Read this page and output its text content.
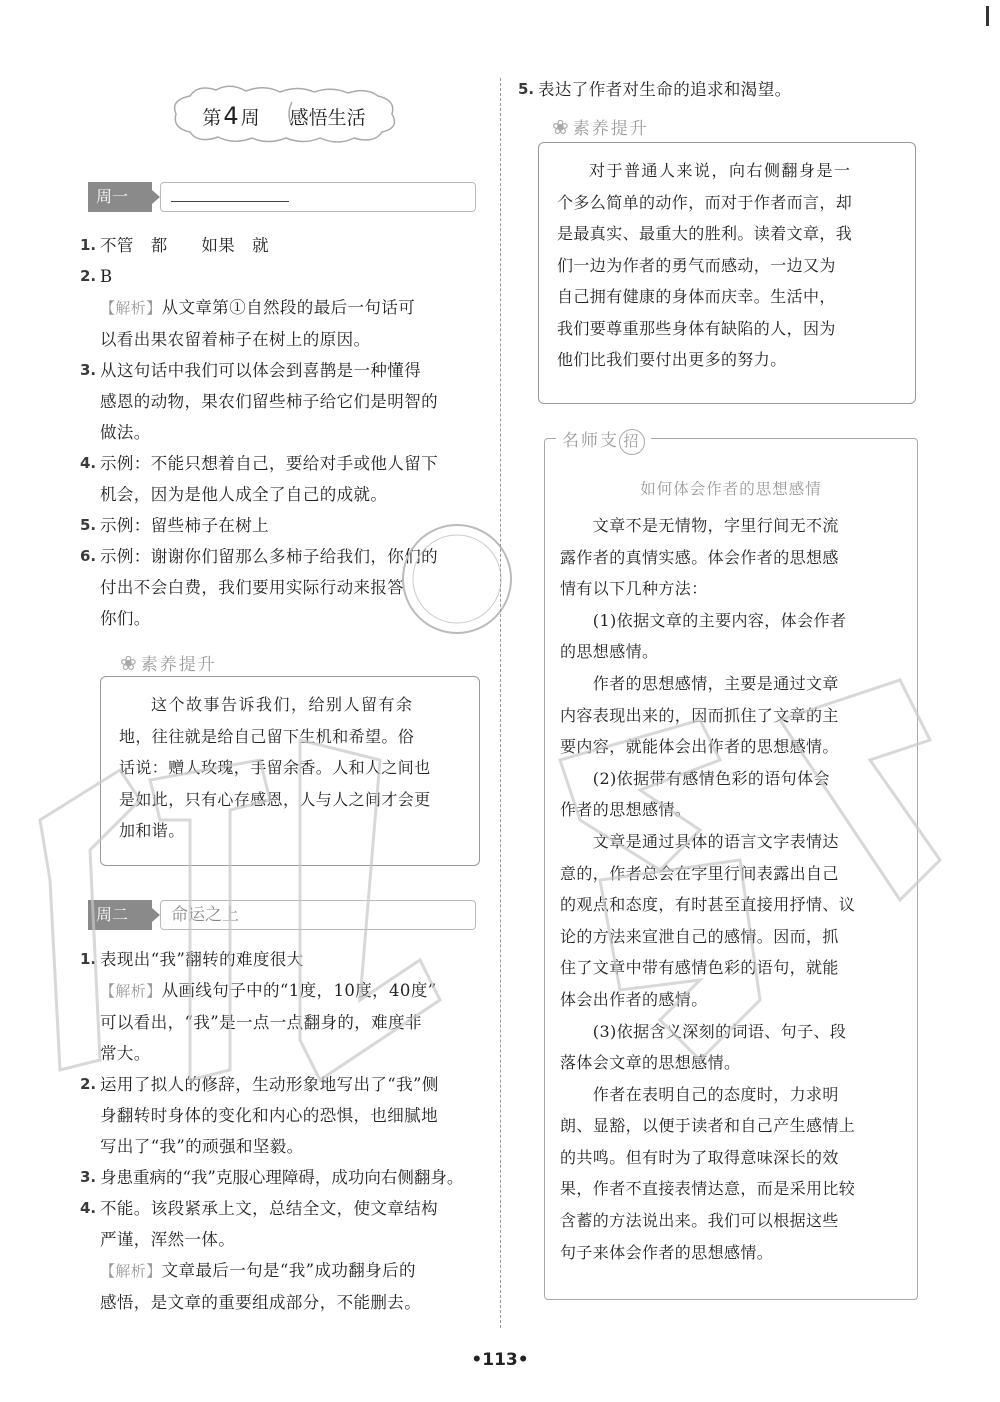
第4 周 感悟生活
周一
1. 不管　都　　如果　就
2. B
【解析】从文章第①自然段的最后一句话可
以看出果农留着柿子在树上的原因。
3. 从这句话中我们可以体会到喜鹊是一种懂得
感恩的动物，果农们留些柿子给它们是明智的
做法。
4. 示例：不能只想着自己，要给对手或他人留下
机会，因为是他人成全了自己的成就。
5. 示例：留些柿子在树上
6. 示例：谢谢你们留那么多柿子给我们，你们的
付出不会白费，我们要用实际行动来报答
你们。
❀ 素养提升

这个故事告诉我们，给别人留有余

地，往往就是给自己留下生机和希望。俗
话说：赠人玫瑰，手留余香。人和人之间也
是如此，只有心存感恩，人与人之间才会更
加和谐。
周二	命运之上
1. 表现出“我”翻转的难度很大
【解析】从画线句子中的“1度，10度，40度”
可以看出，“我”是一点一点翻身的，难度非
常大。
2. 运用了拟人的修辞，生动形象地写出了“我”侧
身翻转时身体的变化和内心的恐惧，也细腻地
写出了“我”的顽强和坚毅。
3. 身患重病的“我”克服心理障碍，成功向右侧翻身。
4. 不能。该段紧承上文，总结全文，使文章结构
严谨，浑然一体。
【解析】文章最后一句是“我”成功翻身后的
感悟，是文章的重要组成部分，不能删去。
5. 表达了作者对生命的追求和渴望。
❀ 素养提升

对于普通人来说，向右侧翻身是一

个多么简单的动作，而对于作者而言，却
是最真实、最重大的胜利。读着文章，我
们一边为作者的勇气而感动，一边又为
自己拥有健康的身体而庆幸。生活中，
我们要尊重那些身体有缺陷的人，因为
他们比我们要付出更多的努力。
名师支 招
如何体会作者的思想感情
　　文章不是无情物，字里行间无不流
露作者的真情实感。体会作者的思想感
情有以下几种方法：
　　(1)依据文章的主要内容，体会作者
的思想感情。
　　作者的思想感情，主要是通过文章
内容表现出来的，因而抓住了文章的主
要内容，就能体会出作者的思想感情。
　　(2)依据带有感情色彩的语句体会
作者的思想感情。
　　文章是通过具体的语言文字表情达
意的，作者总会在字里行间表露出自己
的观点和态度，有时甚至直接用抒情、议
论的方法来宣泄自己的感情。因而，抓
住了文章中带有感情色彩的语句，就能
体会出作者的感情。
　　(3)依据含义深刻的词语、句子、段
落体会文章的思想感情。
　　作者在表明自己的态度时，力求明
朗、显豁，以便于读者和自己产生感情上
的共鸣。但有时为了取得意味深长的效
果，作者不直接表情达意，而是采用比较
含蓄的方法说出来。我们可以根据这些
句子来体会作者的思想感情。
•113•
